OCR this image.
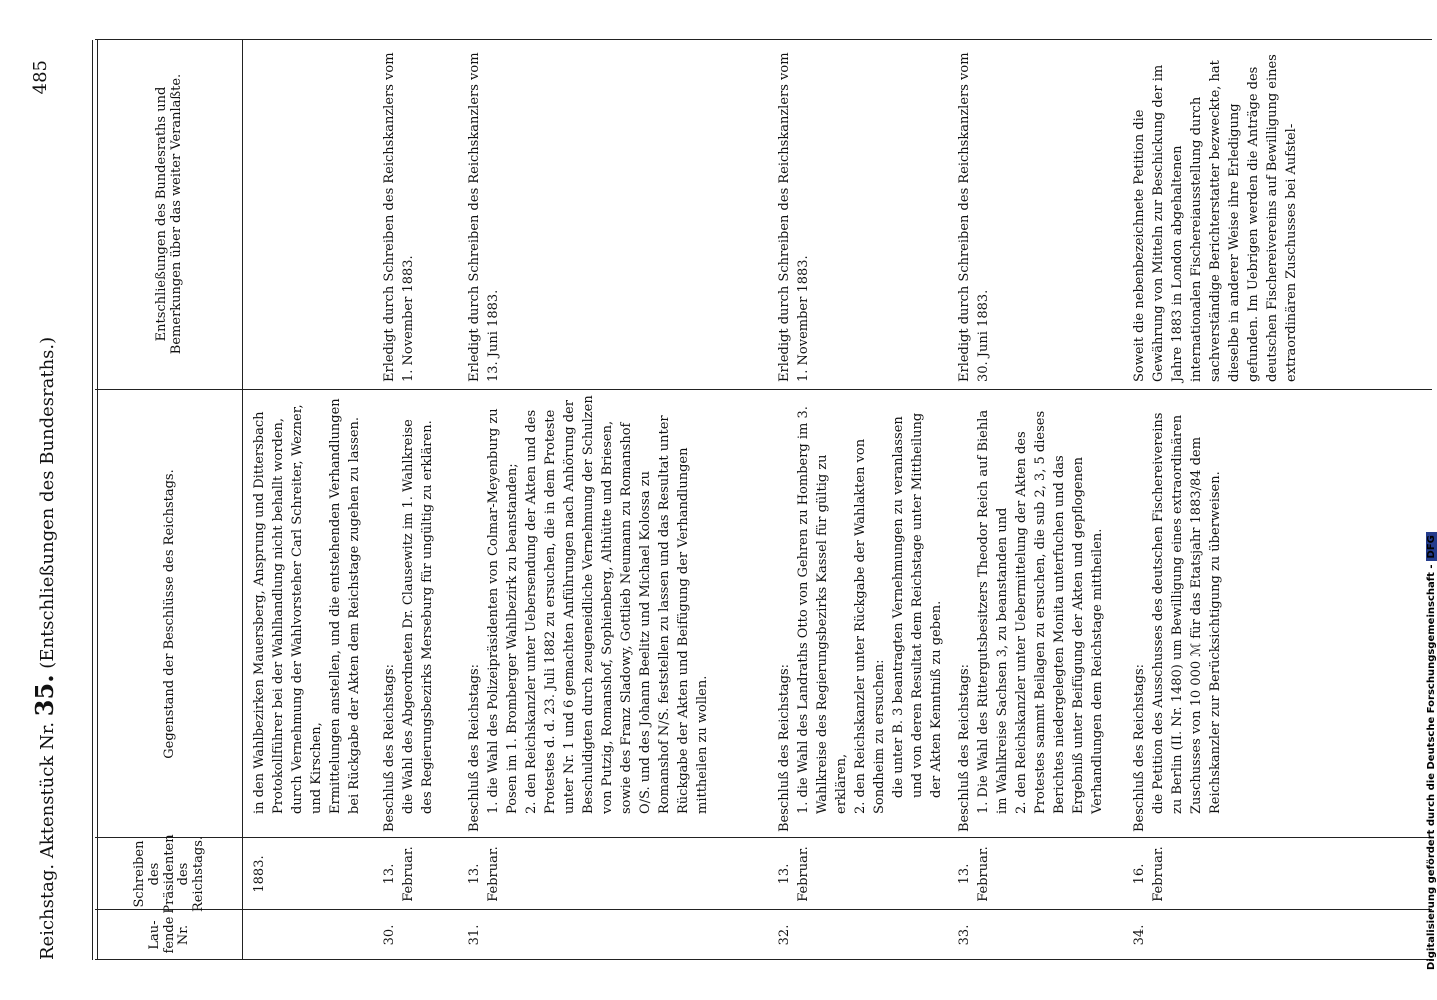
Reichstag. Aktenstück Nr. 35. (Entschließungen des Bundesraths.)
485
Lau-fende Nr.
Schreiben des Präsidenten des Reichstags.
Gegenstand der Beschlüsse des Reichstags.
Entschließungen des Bundesraths und Bemerkungen über das weiter Veranlaßte.
1883.

in den Wahlbezirken Mauersberg, Ansprung und Dittersbach Protokollführer bei der Wahlhandlung nicht behallt worden, durch Vernehmung der Wahlvorsteher Carl Schreiter, Wezner, und Kirschen, Ermittelungen anstellen, und die entstehenden Verhandlungen bei Rückgabe der Akten dem Reichstage zugehen zu lassen.

30.
13. Februar.

Beschluß des Reichstags: die Wahl des Abgeordneten Dr. Clausewitz im 1. Wahlkreise des Regierungsbezirks Merseburg für ungültig zu erklären.

Erledigt durch Schreiben des Reichskanzlers vom 1. November 1883.

31.
13. Februar.

Beschluß des Reichstags: 1. die Wahl des Polizeipräsidenten von Colmar-Meyenburg zu Posen im 1. Bromberger Wahlbezirk zu beanstanden; 2. den Reichskanzler unter Uebersendung der Akten und des Protestes d. d. 23. Juli 1882 zu ersuchen, die in dem Proteste unter Nr. 1 und 6 gemachten Anführungen nach Anhörung der Beschuldigten durch zeugeneidliche Vernehmung der Schulzen von Putzig, Romanshof, Sophienberg, Althütte und Briesen, sowie des Franz Sladowy, Gottlieb Neumann zu Romanshof O/S. und des Johann Beelitz und Michael Kolossa zu Romanshof N/S. feststellen zu lassen und das Resultat unter Rückgabe der Akten und Beifügung der Verhandlungen mittheilen zu wollen.

Erledigt durch Schreiben des Reichskanzlers vom 13. Juni 1883.

32.
13. Februar.

Beschluß des Reichstags: 1. die Wahl des Landraths Otto von Gehren zu Homberg im 3. Wahlkreise des Regierungsbezirks Kassel für gültig zu erklären, 2. den Reichskanzler unter Rückgabe der Wahlakten von Sondheim zu ersuchen: die unter B. 3 beantragten Vernehmungen zu veranlassen und von deren Resultat dem Reichstage unter Mittheilung der Akten Kenntniß zu geben.

Erledigt durch Schreiben des Reichskanzlers vom 1. November 1883.

33.
13. Februar.

Beschluß des Reichstags: 1. Die Wahl des Rittergutsbesitzers Theodor Reich auf Biehla im Wahlkreise Sachsen 3, zu beanstanden und 2. den Reichskanzler unter Uebermittelung der Akten des Protestes sammt Beilagen zu ersuchen, die sub 2, 3, 5 dieses Berichtes niedergelegten Monita unterfuchen und das Ergebniß unter Beifügung der Akten und gepflogenen Verhandlungen dem Reichstage mittheilen.

Erledigt durch Schreiben des Reichskanzlers vom 30. Juni 1883.

34.
16. Februar.

Beschluß des Reichstags: die Petition des Ausschusses des deutschen Fischereivereins zu Berlin (II. Nr. 1480) um Bewilligung eines extraordinären Zuschusses von 10 000 ℳ für das Etatsjahr 1883/84 dem Reichskanzler zur Berücksichtigung zu überweisen.

Soweit die nebenbezeichnete Petition die Gewährung von Mitteln zur Beschickung der im Jahre 1883 in London abgehaltenen internationalen Fischereiausstellung durch sachverständige Berichterstatter bezweckte, hat dieselbe in anderer Weise ihre Erledigung gefunden. Im Uebrigen werden die Anträge des deutschen Fischereivereins auf Bewilligung eines extraordinären Zuschusses bei Aufstel-

Digitalisierung gefördert durch die Deutsche Forschungsgemeinschaft -DFG
